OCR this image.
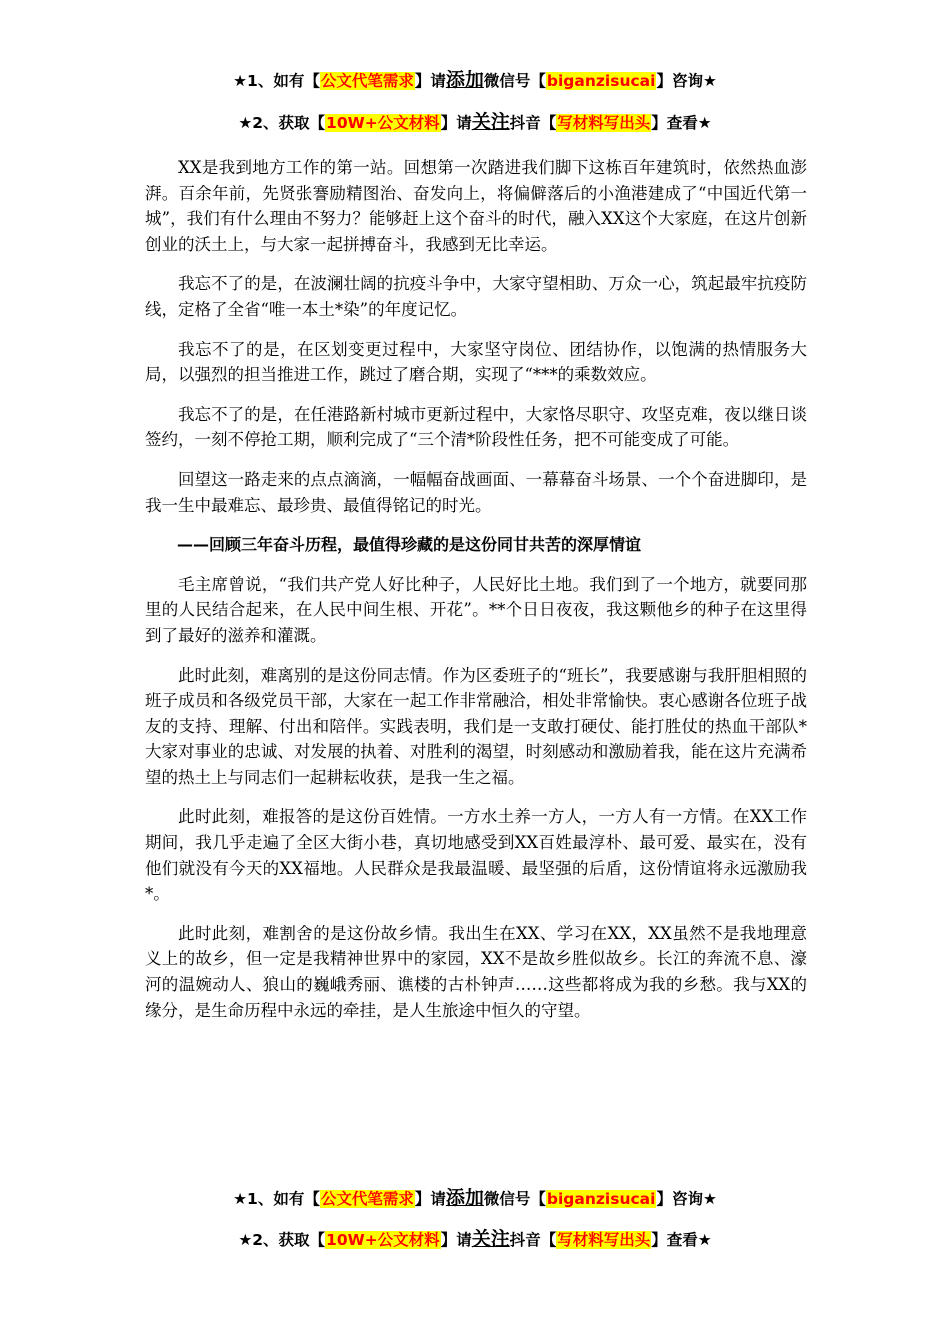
★1、如有【公文代笔需求】请添加微信号【biganzisucai】咨询★
★2、获取【10W+公文材料】请关注抖音【写材料写出头】查看★

XX是我到地方工作的第一站。回想第一次踏进我们脚下这栋百年建筑时，依然热血澎湃。百余年前，先贤张謇励精图治、奋发向上，将偏僻落后的小渔港建成了“中国近代第一城”，我们有什么理由不努力？能够赶上这个奋斗的时代，融入XX这个大家庭，在这片创新创业的沃土上，与大家一起拼搏奋斗，我感到无比幸运。

我忘不了的是，在波澜壮阔的抗疫斗争中，大家守望相助、万众一心，筑起最牢抗疫防线，定格了全省“唯一本土*染”的年度记忆。

我忘不了的是，在区划变更过程中，大家坚守岗位、团结协作，以饱满的热情服务大局，以强烈的担当推进工作，跳过了磨合期，实现了“***的乘数效应。

我忘不了的是，在任港路新村城市更新过程中，大家恪尽职守、攻坚克难，夜以继日谈签约，一刻不停抢工期，顺利完成了“三个清*阶段性任务，把不可能变成了可能。

回望这一路走来的点点滴滴，一幅幅奋战画面、一幕幕奋斗场景、一个个奋进脚印，是我一生中最难忘、最珍贵、最值得铭记的时光。

——回顾三年奋斗历程，最值得珍藏的是这份同甘共苦的深厚情谊

毛主席曾说，“我们共产党人好比种子，人民好比土地。我们到了一个地方，就要同那里的人民结合起来，在人民中间生根、开花”。**个日日夜夜，我这颗他乡的种子在这里得到了最好的滋养和灌溉。

此时此刻，难离别的是这份同志情。作为区委班子的“班长”，我要感谢与我肝胆相照的班子成员和各级党员干部，大家在一起工作非常融洽，相处非常愉快。衷心感谢各位班子战友的支持、理解、付出和陪伴。实践表明，我们是一支敢打硬仗、能打胜仗的热血干部队*大家对事业的忠诚、对发展的执着、对胜利的渴望，时刻感动和激励着我，能在这片充满希望的热土上与同志们一起耕耘收获，是我一生之福。

此时此刻，难报答的是这份百姓情。一方水土养一方人，一方人有一方情。在XX工作期间，我几乎走遍了全区大街小巷，真切地感受到XX百姓最淳朴、最可爱、最实在，没有他们就没有今天的XX福地。人民群众是我最温暖、最坚强的后盾，这份情谊将永远激励我*。

此时此刻，难割舍的是这份故乡情。我出生在XX、学习在XX，XX虽然不是我地理意义上的故乡，但一定是我精神世界中的家园，XX不是故乡胜似故乡。长江的奔流不息、濠河的温婉动人、狼山的巍峨秀丽、谯楼的古朴钟声……这些都将成为我的乡愁。我与XX的缘分，是生命历程中永远的牵挂，是人生旅途中恒久的守望。

★1、如有【公文代笔需求】请添加微信号【biganzisucai】咨询★
★2、获取【10W+公文材料】请关注抖音【写材料写出头】查看★
